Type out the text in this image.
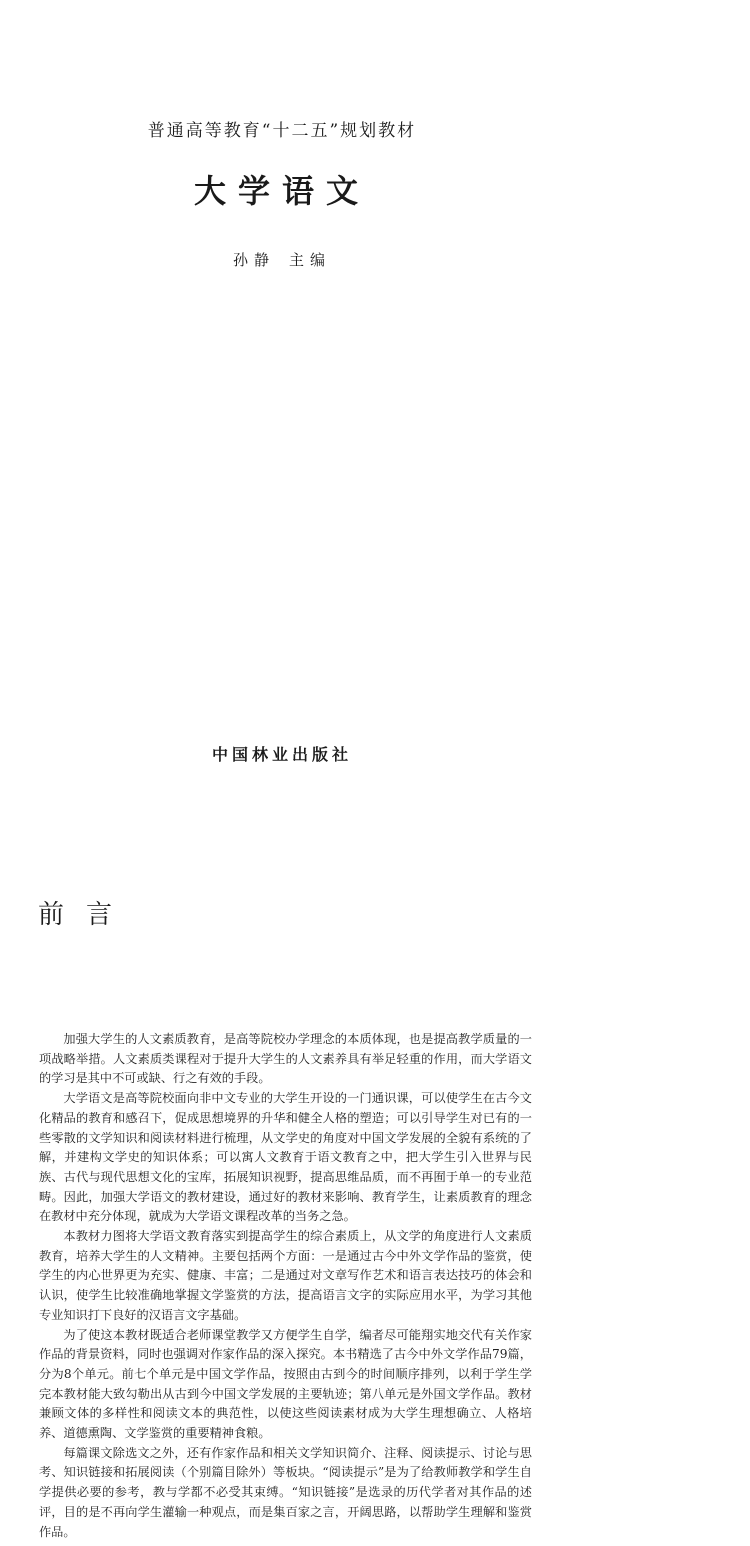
普通高等教育“十二五”规划教材
大学语文
孙静 主编
中国林业出版社
前言

加强大学生的人文素质教育，是高等院校办学理念的本质体现，也是提高教学质量的一项战略举措。人文素质类课程对于提升大学生的人文素养具有举足轻重的作用，而大学语文的学习是其中不可或缺、行之有效的手段。

大学语文是高等院校面向非中文专业的大学生开设的一门通识课，可以使学生在古今文化精品的教育和感召下，促成思想境界的升华和健全人格的塑造；可以引导学生对已有的一些零散的文学知识和阅读材料进行梳理，从文学史的角度对中国文学发展的全貌有系统的了解，并建构文学史的知识体系；可以寓人文教育于语文教育之中，把大学生引入世界与民族、古代与现代思想文化的宝库，拓展知识视野，提高思维品质，而不再囿于单一的专业范畴。因此，加强大学语文的教材建设，通过好的教材来影响、教育学生，让素质教育的理念在教材中充分体现，就成为大学语文课程改革的当务之急。

本教材力图将大学语文教育落实到提高学生的综合素质上，从文学的角度进行人文素质教育，培养大学生的人文精神。主要包括两个方面：一是通过古今中外文学作品的鉴赏，使学生的内心世界更为充实、健康、丰富；二是通过对文章写作艺术和语言表达技巧的体会和认识，使学生比较准确地掌握文学鉴赏的方法，提高语言文字的实际应用水平，为学习其他专业知识打下良好的汉语言文字基础。

为了使这本教材既适合老师课堂教学又方便学生自学，编者尽可能翔实地交代有关作家作品的背景资料，同时也强调对作家作品的深入探究。本书精选了古今中外文学作品79篇，分为8个单元。前七个单元是中国文学作品，按照由古到今的时间顺序排列，以利于学生学完本教材能大致勾勒出从古到今中国文学发展的主要轨迹；第八单元是外国文学作品。教材兼顾文体的多样性和阅读文本的典范性，以使这些阅读素材成为大学生理想确立、人格培养、道德熏陶、文学鉴赏的重要精神食粮。

每篇课文除选文之外，还有作家作品和相关文学知识简介、注释、阅读提示、讨论与思考、知识链接和拓展阅读（个别篇目除外）等板块。“阅读提示”是为了给教师教学和学生自学提供必要的参考，教与学都不必受其束缚。“知识链接”是选录的历代学者对其作品的述评，目的是不再向学生灌输一种观点，而是集百家之言，开阔思路，以帮助学生理解和鉴赏作品。
